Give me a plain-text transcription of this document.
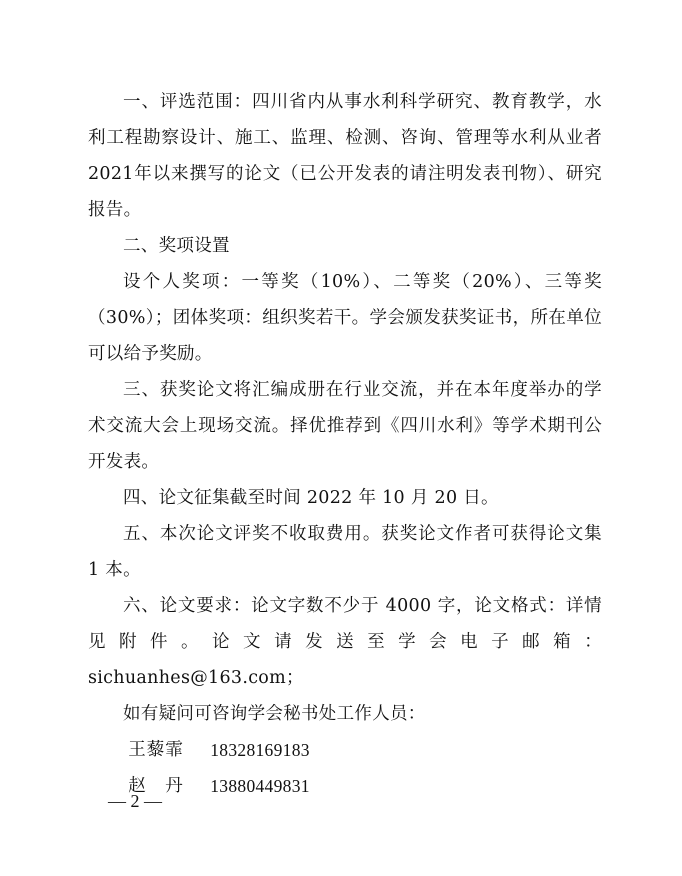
一、评选范围：四川省内从事水利科学研究、教育教学，水利工程勘察设计、施工、监理、检测、咨询、管理等水利从业者2021年以来撰写的论文（已公开发表的请注明发表刊物）、研究报告。

二、奖项设置

设个人奖项：一等奖（10%）、二等奖（20%）、三等奖（30%）；团体奖项：组织奖若干。学会颁发获奖证书，所在单位可以给予奖励。

三、获奖论文将汇编成册在行业交流，并在本年度举办的学术交流大会上现场交流。择优推荐到《四川水利》等学术期刊公开发表。

四、论文征集截至时间 2022 年 10 月 20 日。

五、本次论文评奖不收取费用。获奖论文作者可获得论文集 1 本。

六、论文要求：论文字数不少于 4000 字，论文格式：详情见附件。论文请发送至学会电子邮箱：sichuanhes@163.com；

如有疑问可咨询学会秘书处工作人员：

王藜霏	18328169183
赵　丹	13880449831
— 2 —
